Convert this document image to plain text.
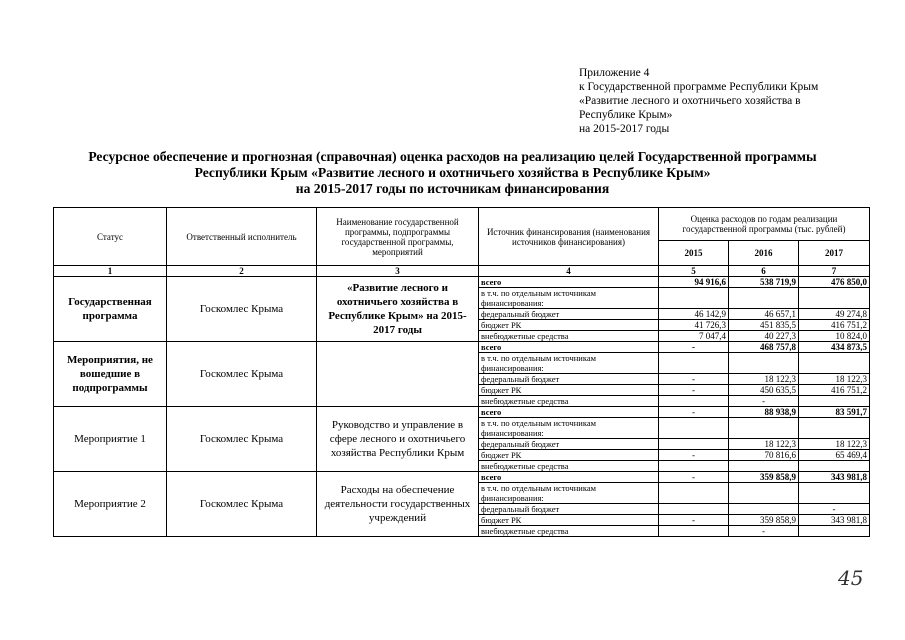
Приложение 4
к Государственной программе Республики Крым
«Развитие лесного и охотничьего хозяйства в
Республике Крым»
на 2015-2017 годы
Ресурсное обеспечение и прогнозная (справочная) оценка расходов на реализацию целей Государственной программы
Республики Крым «Развитие лесного и охотничьего хозяйства в Республике Крым»
на 2015-2017 годы по источникам финансирования
Статус	Ответственный исполнитель	Наименование государственной программы, подпрограммы государственной программы, мероприятий	Источник финансирования (наименования источников финансирования)	Оценка расходов по годам реализации государственной программы (тыс. рублей)		
				2015	2016	2017
1	2	3	4	5	6	7
Государственная программа	Госкомлес Крыма	«Развитие лесного и охотничьего хозяйства в Республике Крым» на 2015-2017 годы	всего	94 916,6	538 719,9	476 850,0
			в т.ч. по отдельным источникам финансирования:			
			федеральный бюджет	46 142,9	46 657,1	49 274,8
			бюджет РК	41 726,3	451 835,5	416 751,2
			внебюджетные средства	7 047,4	40 227,3	10 824,0
Мероприятия, не вошедшие в подпрограммы	Госкомлес Крыма		всего	-	468 757,8	434 873,5
			в т.ч. по отдельным источникам финансирования:			
			федеральный бюджет	-	18 122,3	18 122,3
			бюджет РК	-	450 635,5	416 751,2
			внебюджетные средства		-	
Мероприятие 1	Госкомлес Крыма	Руководство и управление в сфере лесного и охотничьего хозяйства Республики Крым	всего	-	88 938,9	83 591,7
			в т.ч. по отдельным источникам финансирования:			
			федеральный бюджет		18 122,3	18 122,3
			бюджет РК	-	70 816,6	65 469,4
			внебюджетные средства			
Мероприятие 2	Госкомлес Крыма	Расходы на обеспечение деятельности государственных учреждений	всего	-	359 858,9	343 981,8
			в т.ч. по отдельным источникам финансирования:			
			федеральный бюджет			-
			бюджет РК	-	359 858,9	343 981,8
			внебюджетные средства		-	
45
